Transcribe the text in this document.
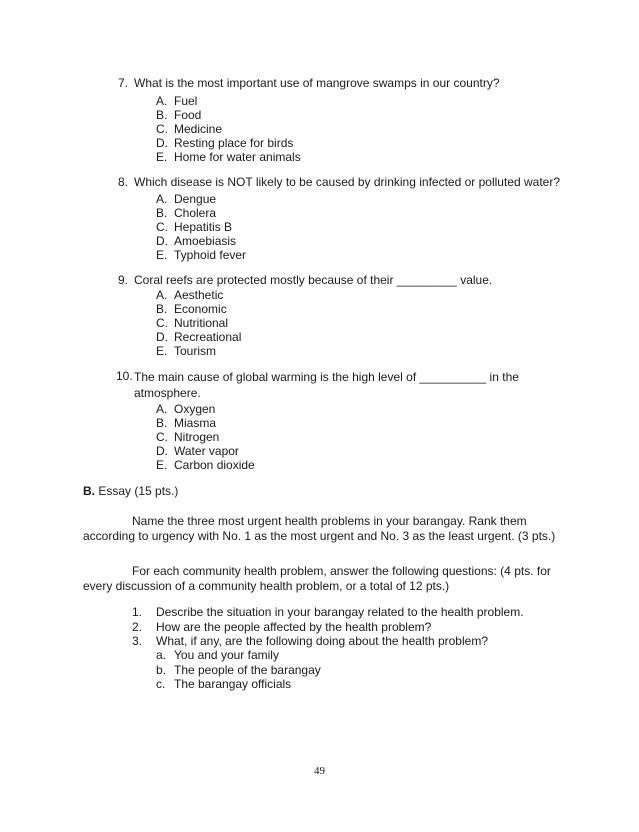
7. What is the most important use of mangrove swamps in our country?
A. Fuel
B. Food
C. Medicine
D. Resting place for birds
E. Home for water animals
8. Which disease is NOT likely to be caused by drinking infected or polluted water?
A. Dengue
B. Cholera
C. Hepatitis B
D. Amoebiasis
E. Typhoid fever
9. Coral reefs are protected mostly because of their _________ value.
A. Aesthetic
B. Economic
C. Nutritional
D. Recreational
E. Tourism
10. The main cause of global warming is the high level of __________ in the atmosphere.
A. Oxygen
B. Miasma
C. Nitrogen
D. Water vapor
E. Carbon dioxide
B. Essay (15 pts.)
Name the three most urgent health problems in your barangay. Rank them according to urgency with No. 1 as the most urgent and No. 3 as the least urgent. (3 pts.)
For each community health problem, answer the following questions: (4 pts. for every discussion of a community health problem, or a total of 12 pts.)
1. Describe the situation in your barangay related to the health problem.
2. How are the people affected by the health problem?
3. What, if any, are the following doing about the health problem?
a. You and your family
b. The people of the barangay
c. The barangay officials
49
